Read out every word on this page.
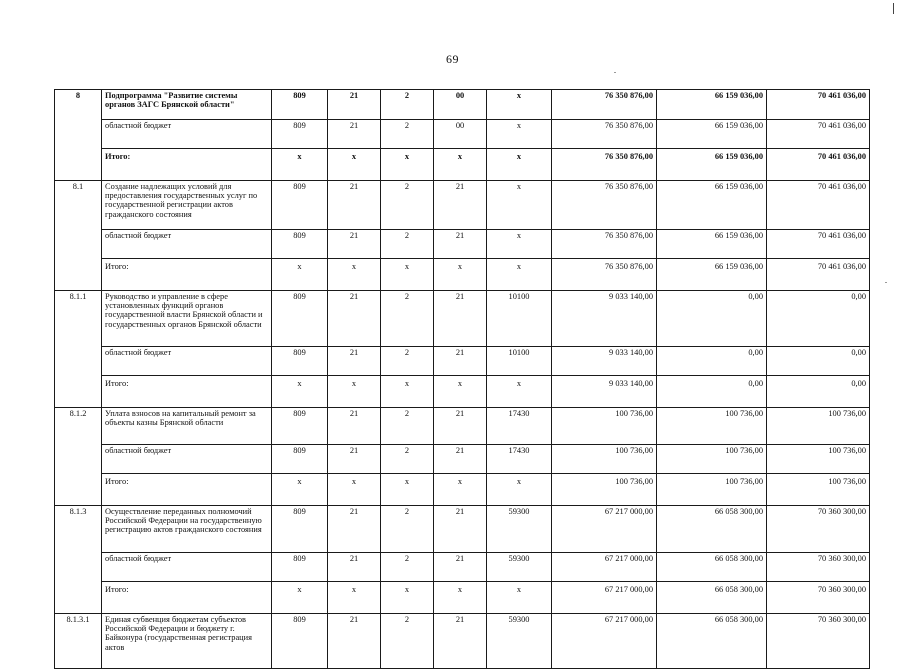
69
8	Подпрограмма "Развитие системы органов ЗАГС Брянской области"	809	21	2	00	х	76 350 876,00	66 159 036,00	70 461 036,00
	областной бюджет	809	21	2	00	х	76 350 876,00	66 159 036,00	70 461 036,00
	Итого:	х	х	х	х	х	76 350 876,00	66 159 036,00	70 461 036,00
8.1	Создание надлежащих условий для предоставления государственных услуг по государственной регистрации актов гражданского состояния	809	21	2	21	х	76 350 876,00	66 159 036,00	70 461 036,00
	областной бюджет	809	21	2	21	х	76 350 876,00	66 159 036,00	70 461 036,00
	Итого:	х	х	х	х	х	76 350 876,00	66 159 036,00	70 461 036,00
8.1.1	Руководство и управление в сфере установленных функций органов государственной власти Брянской области и государственных органов Брянской области	809	21	2	21	10100	9 033 140,00	0,00	0,00
	областной бюджет	809	21	2	21	10100	9 033 140,00	0,00	0,00
	Итого:	х	х	х	х	х	9 033 140,00	0,00	0,00
8.1.2	Уплата взносов на капитальный ремонт за объекты казны Брянской области	809	21	2	21	17430	100 736,00	100 736,00	100 736,00
	областной бюджет	809	21	2	21	17430	100 736,00	100 736,00	100 736,00
	Итого:	х	х	х	х	х	100 736,00	100 736,00	100 736,00
8.1.3	Осуществление переданных полномочий Российской Федерации на государственную регистрацию актов гражданского состояния	809	21	2	21	59300	67 217 000,00	66 058 300,00	70 360 300,00
	областной бюджет	809	21	2	21	59300	67 217 000,00	66 058 300,00	70 360 300,00
	Итого:	х	х	х	х	х	67 217 000,00	66 058 300,00	70 360 300,00
8.1.3.1	Единая субвенция бюджетам субъектов Российской Федерации и бюджету г. Байконура (государственная регистрация актов	809	21	2	21	59300	67 217 000,00	66 058 300,00	70 360 300,00
